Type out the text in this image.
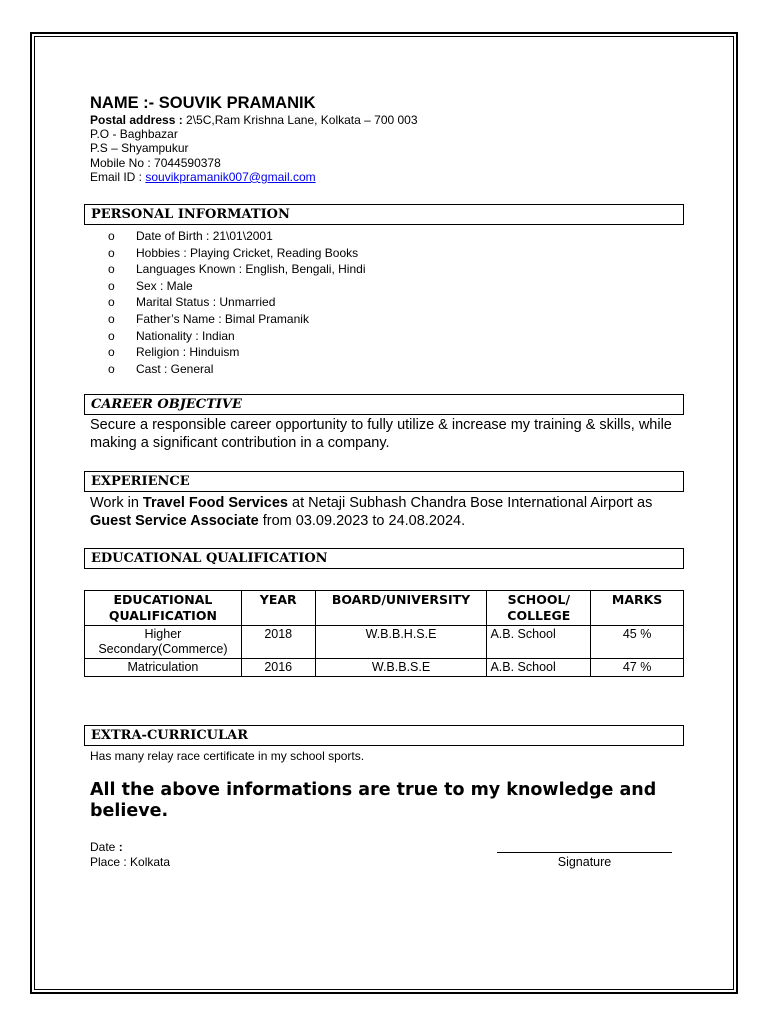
NAME :- SOUVIK PRAMANIK

Postal address : 2\5C,Ram Krishna Lane, Kolkata – 700 003

P.O - Baghbazar

P.S – Shyampukur

Mobile No : 7044590378

Email ID : souvikpramanik007@gmail.com

PERSONAL INFORMATION
o Date of Birth : 21\01\2001
o Hobbies : Playing Cricket, Reading Books
o Languages Known : English, Bengali, Hindi
o Sex : Male
o Marital Status : Unmarried
o Father’s Name : Bimal Pramanik
o Nationality : Indian
o Religion : Hinduism
o Cast : General
CAREER OBJECTIVE
Secure a responsible career opportunity to fully utilize & increase my training & skills, while making a significant contribution in a company.
EXPERIENCE
Work in Travel Food Services at Netaji Subhash Chandra Bose International Airport as Guest Service Associate from 03.09.2023 to 24.08.2024.
EDUCATIONAL QUALIFICATION
EDUCATIONAL QUALIFICATION	YEAR	BOARD/UNIVERSITY	SCHOOL/ COLLEGE	MARKS
Higher Secondary(Commerce)	2018	W.B.B.H.S.E	A.B. School	45 %
Matriculation	2016	W.B.B.S.E	A.B. School	47 %
EXTRA-CURRICULAR
Has many relay race certificate in my school sports.
All the above informations are true to my knowledge and believe.
Date :
Place : Kolkata	Signature
